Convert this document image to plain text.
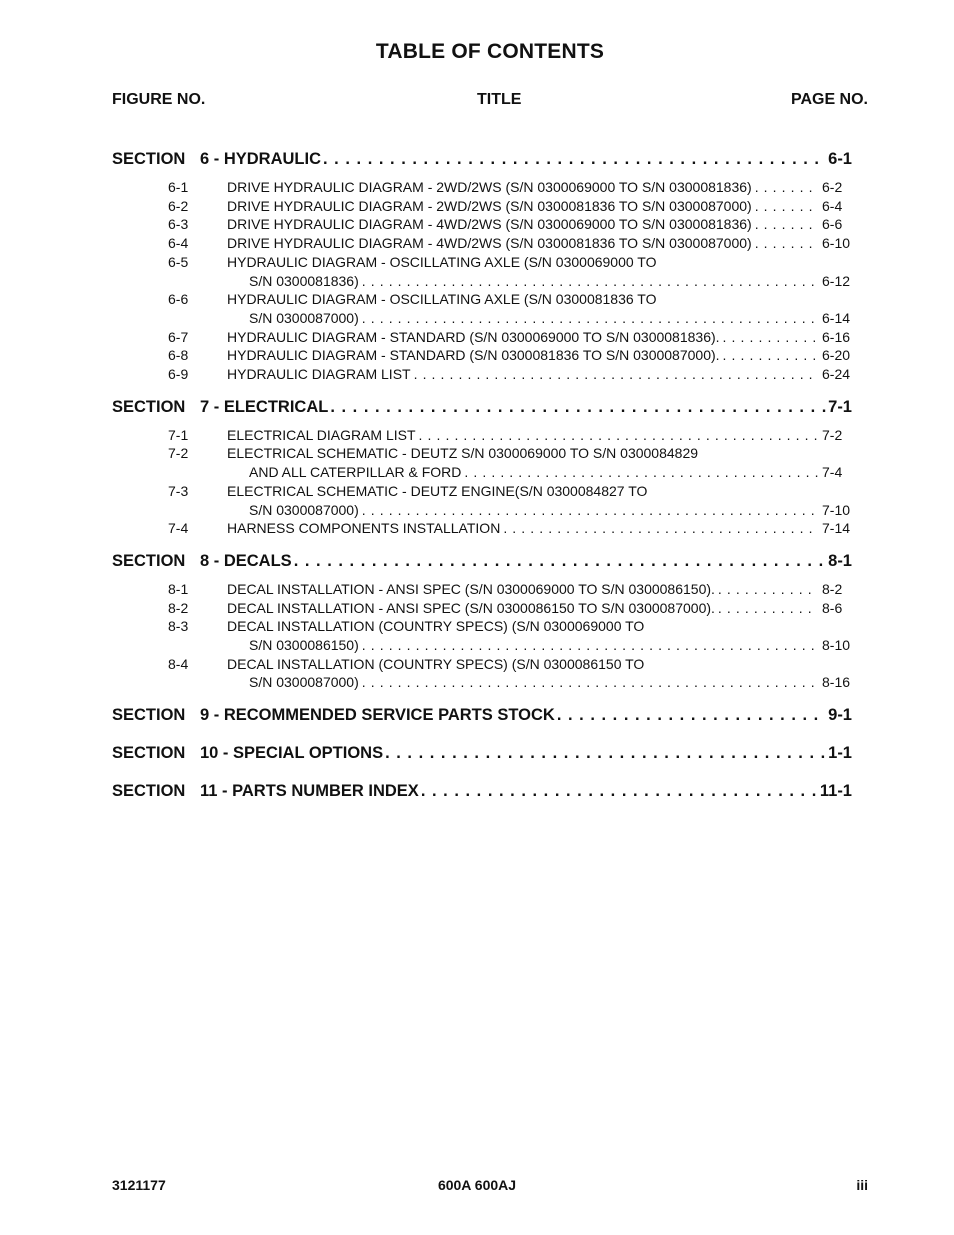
TABLE OF CONTENTS
FIGURE NO.	TITLE	PAGE NO.
SECTION 6 - HYDRAULIC . . .	6-1
6-1	DRIVE HYDRAULIC DIAGRAM - 2WD/2WS (S/N 0300069000 TO S/N 0300081836) . . .	6-2
6-2	DRIVE HYDRAULIC DIAGRAM - 2WD/2WS (S/N 0300081836 TO S/N 0300087000) . . .	6-4
6-3	DRIVE HYDRAULIC DIAGRAM - 4WD/2WS (S/N 0300069000 TO S/N 0300081836) . . .	6-6
6-4	DRIVE HYDRAULIC DIAGRAM - 4WD/2WS (S/N 0300081836 TO S/N 0300087000) . . .	6-10
6-5	HYDRAULIC DIAGRAM - OSCILLATING AXLE (S/N 0300069000 TO
S/N 0300081836) . . .	6-12
6-6	HYDRAULIC DIAGRAM - OSCILLATING AXLE (S/N 0300081836 TO
S/N 0300087000) . . .	6-14
6-7	HYDRAULIC DIAGRAM - STANDARD (S/N 0300069000 TO S/N 0300081836). . . .	6-16
6-8	HYDRAULIC DIAGRAM - STANDARD (S/N 0300081836 TO S/N 0300087000). . . .	6-20
6-9	HYDRAULIC DIAGRAM LIST . . .	6-24
SECTION 7 - ELECTRICAL . . .	7-1
7-1	ELECTRICAL DIAGRAM LIST . . .	7-2
7-2	ELECTRICAL SCHEMATIC - DEUTZ S/N 0300069000 TO S/N 0300084829
AND ALL CATERPILLAR & FORD . . .	7-4
7-3	ELECTRICAL SCHEMATIC - DEUTZ ENGINE(S/N 0300084827 TO
S/N 0300087000) . . .	7-10
7-4	HARNESS COMPONENTS INSTALLATION . . .	7-14
SECTION 8 - DECALS . . .	8-1
8-1	DECAL INSTALLATION - ANSI SPEC (S/N 0300069000 TO S/N 0300086150). . . .	8-2
8-2	DECAL INSTALLATION - ANSI SPEC (S/N 0300086150 TO S/N 0300087000). . . .	8-6
8-3	DECAL INSTALLATION (COUNTRY SPECS) (S/N 0300069000 TO
S/N 0300086150) . . .	8-10
8-4	DECAL INSTALLATION (COUNTRY SPECS) (S/N 0300086150 TO
S/N 0300087000) . . .	8-16
SECTION 9 - RECOMMENDED SERVICE PARTS STOCK . . .	9-1
SECTION 10 - SPECIAL OPTIONS . . .	1-1
SECTION 11 - PARTS NUMBER INDEX . . .	11-1
3121177	600A 600AJ	iii
